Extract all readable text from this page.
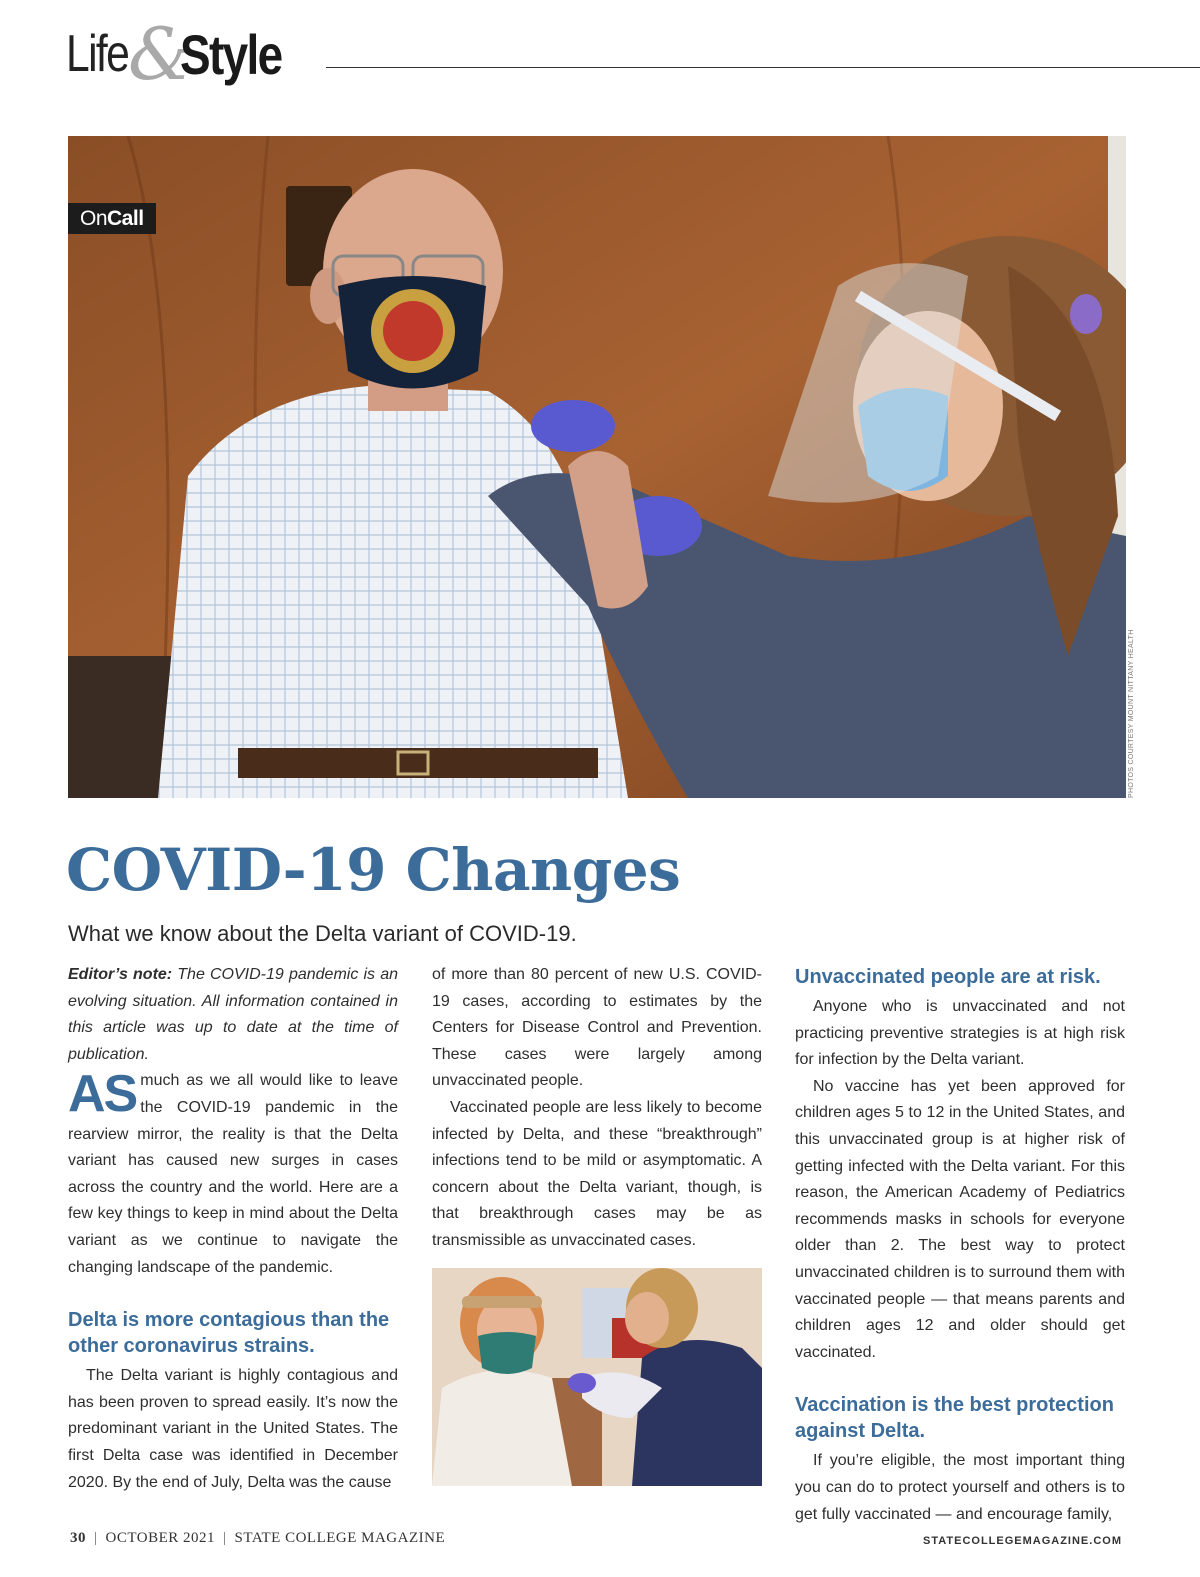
Life &
Style
OnCall
PHOTOS COURTESY MOUNT NITTANY HEALTH
COVID-19 Changes
What we know about the Delta variant of COVID-19.

Editor’s note: The COVID-19 pandemic is an evolving situation. All information contained in this article was up to date at the time of publication.

AS much as we all would like to leave the COVID-19 pandemic in the rearview mirror, the reality is that the Delta variant has caused new surges in cases across the country and the world. Here are a few key things to keep in mind about the Delta variant as we continue to navigate the changing landscape of the pandemic.

Delta is more contagious than the other coronavirus strains.

The Delta variant is highly contagious and has been proven to spread easily. It’s now the predominant variant in the United States. The first Delta case was identified in December 2020. By the end of July, Delta was the cause

of more than 80 percent of new U.S. COVID-19 cases, according to estimates by the Centers for Disease Control and Prevention. These cases were largely among unvaccinated people.

Vaccinated people are less likely to become infected by Delta, and these “breakthrough” infections tend to be mild or asymptomatic. A concern about the Delta variant, though, is that breakthrough cases may be as transmissible as unvaccinated cases.

Unvaccinated people are at risk.

Anyone who is unvaccinated and not practicing preventive strategies is at high risk for infection by the Delta variant.

No vaccine has yet been approved for children ages 5 to 12 in the United States, and this unvaccinated group is at higher risk of getting infected with the Delta variant. For this reason, the American Academy of Pediatrics recommends masks in schools for everyone older than 2. The best way to protect unvaccinated children is to surround them with vaccinated people — that means parents and children ages 12 and older should get vaccinated.

Vaccination is the best protection against Delta.

If you’re eligible, the most important thing you can do to protect yourself and others is to get fully vaccinated — and encourage family,

30 | OCTOBER 2021 | STATE COLLEGE MAGAZINE	STATECOLLEGEMAGAZINE.COM
